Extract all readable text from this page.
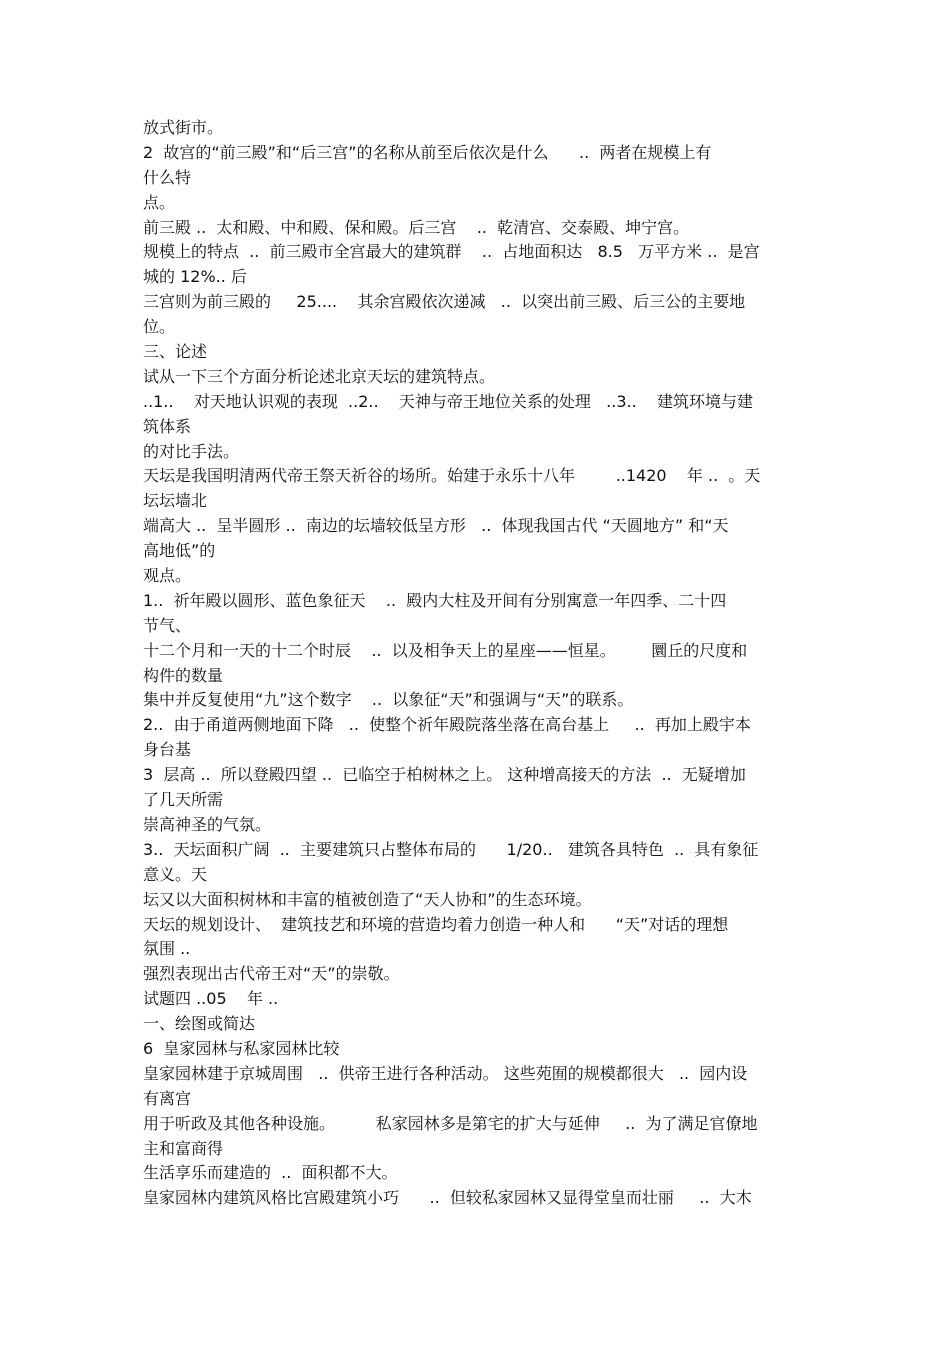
放式街市。
2  故宫的“前三殿”和“后三宫”的名称从前至后依次是什么      ..  两者在规模上有
什么特
点。
前三殿 ..  太和殿、中和殿、保和殿。后三宫    ..  乾清宫、交泰殿、坤宁宫。
规模上的特点  ..  前三殿市全宫最大的建筑群    ..  占地面积达   8.5   万平方米 ..  是宫
城的 12%.. 后
三宫则为前三殿的     25....    其余宫殿依次递减   ..  以突出前三殿、后三公的主要地
位。
三、论述
试从一下三个方面分析论述北京天坛的建筑特点。
..1..    对天地认识观的表现  ..2..    天神与帝王地位关系的处理   ..3..    建筑环境与建
筑体系
的对比手法。
天坛是我国明清两代帝王祭天祈谷的场所。始建于永乐十八年        ..1420    年 ..  。天
坛坛墙北
端高大 ..  呈半圆形 ..  南边的坛墙较低呈方形   ..  体现我国古代 “天圆地方” 和“天
高地低”的
观点。
1..  祈年殿以圆形、蓝色象征天    ..  殿内大柱及开间有分别寓意一年四季、二十四
节气、
十二个月和一天的十二个时辰    ..  以及相争天上的星座——恒星。       圜丘的尺度和
构件的数量
集中并反复使用“九”这个数字    ..  以象征“天”和强调与“天”的联系。
2..  由于甬道两侧地面下降   ..  使整个祈年殿院落坐落在高台基上     ..  再加上殿宇本
身台基
3  层高 ..  所以登殿四望 ..  已临空于柏树林之上。 这种增高接天的方法  ..  无疑增加
了几天所需
崇高神圣的气氛。
3..  天坛面积广阔  ..  主要建筑只占整体布局的      1/20..   建筑各具特色  ..  具有象征
意义。天
坛又以大面积树林和丰富的植被创造了“天人协和”的生态环境。
天坛的规划设计、  建筑技艺和环境的营造均着力创造一种人和      “天”对话的理想
氛围 ..
强烈表现出古代帝王对“天”的崇敬。
试题四 ..05    年 ..
一、绘图或简达
6  皇家园林与私家园林比较
皇家园林建于京城周围   ..  供帝王进行各种活动。 这些苑囿的规模都很大   ..  园内设
有离宫
用于听政及其他各种设施。        私家园林多是第宅的扩大与延伸     ..  为了满足官僚地
主和富商得
生活享乐而建造的  ..  面积都不大。
皇家园林内建筑风格比宫殿建筑小巧      ..  但较私家园林又显得堂皇而壮丽     ..  大木
